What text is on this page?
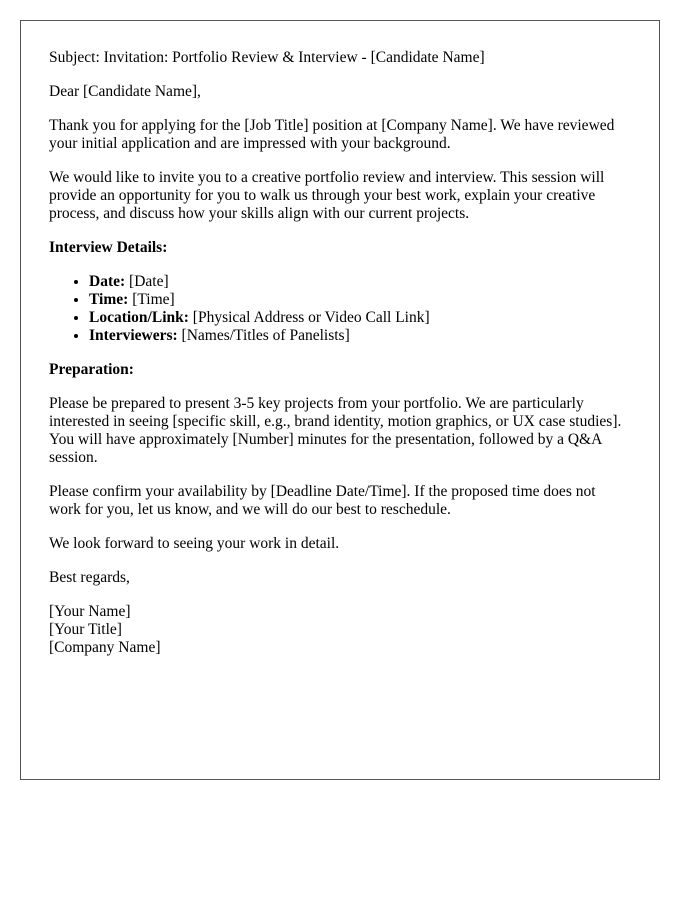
Subject: Invitation: Portfolio Review & Interview - [Candidate Name]

Dear [Candidate Name],

Thank you for applying for the [Job Title] position at [Company Name]. We have reviewed your initial application and are impressed with your background.

We would like to invite you to a creative portfolio review and interview. This session will provide an opportunity for you to walk us through your best work, explain your creative process, and discuss how your skills align with our current projects.

Interview Details:

• Date: [Date]
• Time: [Time]
• Location/Link: [Physical Address or Video Call Link]
• Interviewers: [Names/Titles of Panelists]

Preparation:

Please be prepared to present 3-5 key projects from your portfolio. We are particularly interested in seeing [specific skill, e.g., brand identity, motion graphics, or UX case studies]. You will have approximately [Number] minutes for the presentation, followed by a Q&A session.

Please confirm your availability by [Deadline Date/Time]. If the proposed time does not work for you, let us know, and we will do our best to reschedule.

We look forward to seeing your work in detail.

Best regards,

[Your Name]

[Your Title]

[Company Name]
